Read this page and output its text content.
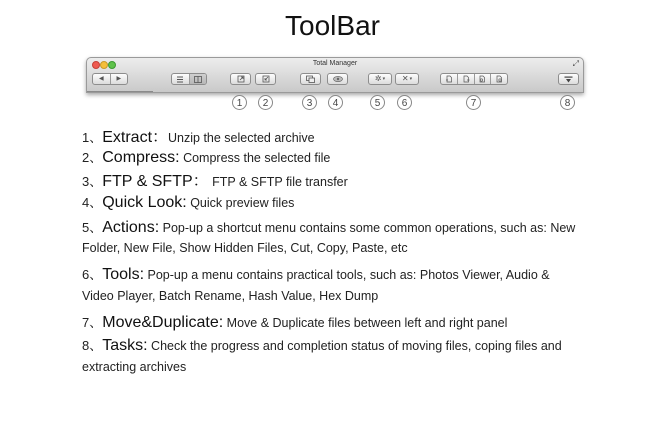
ToolBar
Total Manager	⤢
◀	▶	✲ ▾ ✕ ▾
1	2	3	4	5	6	7	8
1、Extract：Unzip the selected archive
2、Compress: Compress the selected file
3、FTP & SFTP： FTP & SFTP file transfer
4、Quick Look: Quick preview files
5、Actions: Pop-up a shortcut menu contains some common operations, such as: New
Folder, New File, Show Hidden Files, Cut, Copy, Paste, etc
6、Tools: Pop-up a menu contains practical tools, such as: Photos Viewer, Audio &
Video Player, Batch Rename, Hash Value, Hex Dump
7、Move&Duplicate: Move & Duplicate files between left and right panel
8、Tasks: Check the progress and completion status of moving files, coping files and
extracting archives
